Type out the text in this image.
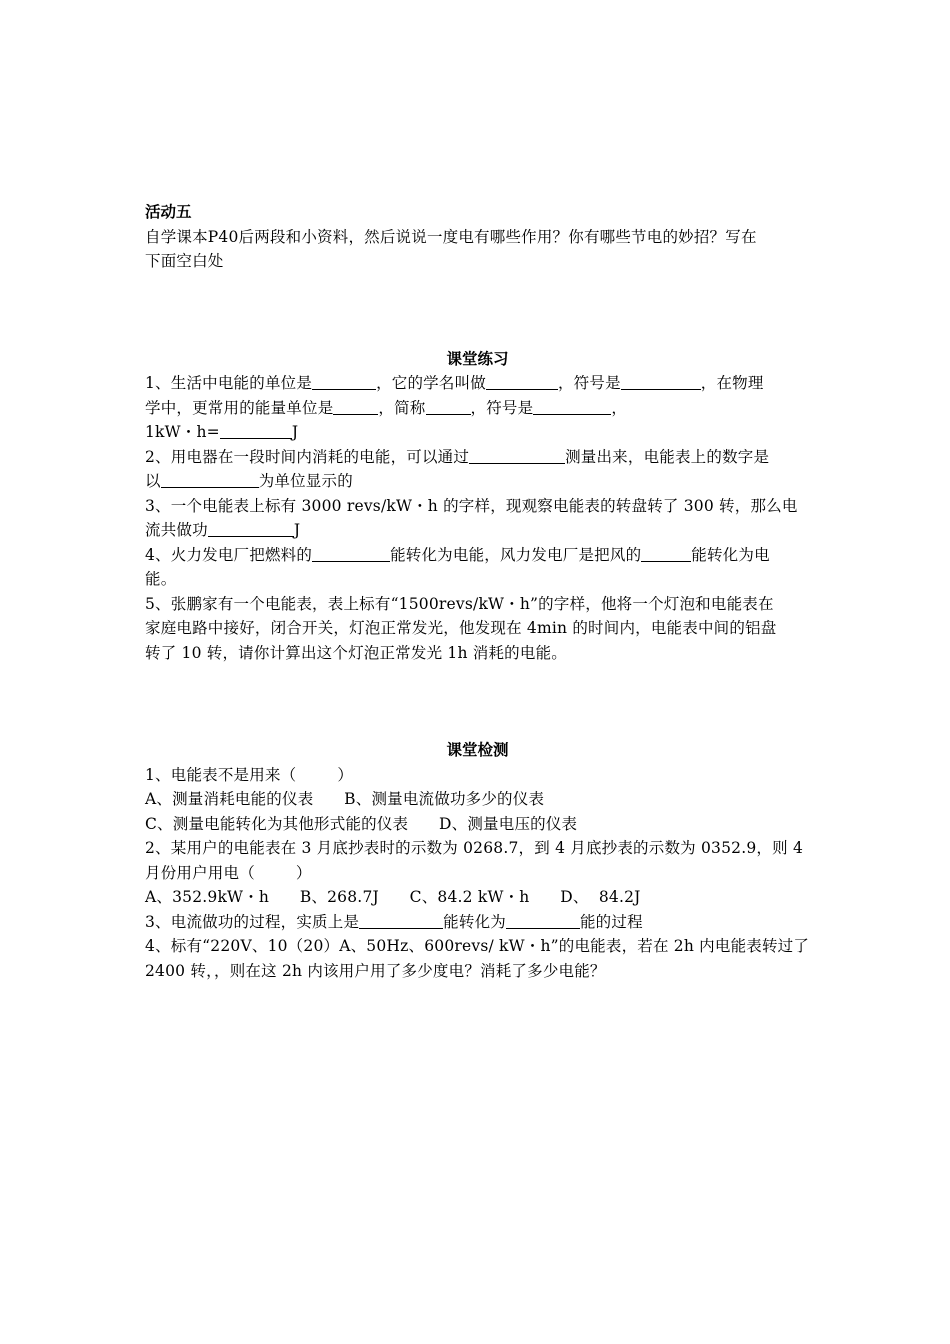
活动五
自学课本P40后两段和小资料，然后说说一度电有哪些作用？你有哪些节电的妙招？写在
下面空白处
课堂练习
1、生活中电能的单位是	，它的学名叫做	，符号是	，在物理
学中，更常用的能量单位是	，简称	，符号是	，
1kW・h=	J
2、用电器在一段时间内消耗的电能，可以通过	测量出来，电能表上的数字是
以	为单位显示的
3、一个电能表上标有 3000 revs/kW・h 的字样，现观察电能表的转盘转了 300 转，那么电
流共做功	J
4、火力发电厂把燃料的	能转化为电能，风力发电厂是把风的	能转化为电
能。
5、张鹏家有一个电能表，表上标有“1500revs/kW・h”的字样，他将一个灯泡和电能表在
家庭电路中接好，闭合开关，灯泡正常发光，他发现在 4min 的时间内，电能表中间的铝盘
转了 10 转，请你计算出这个灯泡正常发光 1h 消耗的电能。
课堂检测
1、电能表不是用来（        ）
A、测量消耗电能的仪表      B、测量电流做功多少的仪表
C、测量电能转化为其他形式能的仪表      D、测量电压的仪表
2、某用户的电能表在 3 月底抄表时的示数为 0268.7，到 4 月底抄表的示数为 0352.9，则 4
月份用户用电（        ）
A、352.9kW・h      B、268.7J      C、84.2 kW・h      D、  84.2J
3、电流做功的过程，实质上是	能转化为	能的过程
4、标有“220V、10（20）A、50Hz、600revs/ kW・h”的电能表，若在 2h 内电能表转过了
2400 转，，则在这 2h 内该用户用了多少度电？消耗了多少电能？
